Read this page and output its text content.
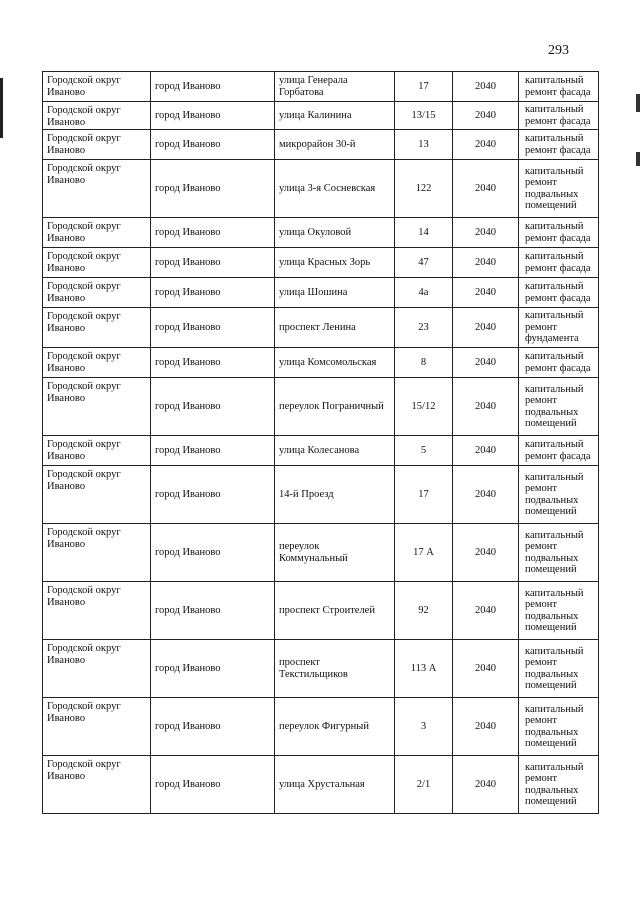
293
Городской округ Иваново	город Иваново	улица Генерала Горбатова	17	2040	капитальный ремонт фасада
Городской округ Иваново	город Иваново	улица Калинина	13/15	2040	капитальный ремонт фасада
Городской округ Иваново	город Иваново	микрорайон 30-й	13	2040	капитальный ремонт фасада
Городской округ Иваново	город Иваново	улица 3-я Сосневская	122	2040	капитальный ремонт подвальных помещений
Городской округ Иваново	город Иваново	улица Окуловой	14	2040	капитальный ремонт фасада
Городской округ Иваново	город Иваново	улица Красных Зорь	47	2040	капитальный ремонт фасада
Городской округ Иваново	город Иваново	улица Шошина	4а	2040	капитальный ремонт фасада
Городской округ Иваново	город Иваново	проспект Ленина	23	2040	капитальный ремонт фундамента
Городской округ Иваново	город Иваново	улица Комсомольская	8	2040	капитальный ремонт фасада
Городской округ Иваново	город Иваново	переулок Пограничный	15/12	2040	капитальный ремонт подвальных помещений
Городской округ Иваново	город Иваново	улица Колесанова	5	2040	капитальный ремонт фасада
Городской округ Иваново	город Иваново	14-й Проезд	17	2040	капитальный ремонт подвальных помещений
Городской округ Иваново	город Иваново	переулок Коммунальный	17 А	2040	капитальный ремонт подвальных помещений
Городской округ Иваново	город Иваново	проспект Строителей	92	2040	капитальный ремонт подвальных помещений
Городской округ Иваново	город Иваново	проспект Текстильщиков	113 А	2040	капитальный ремонт подвальных помещений
Городской округ Иваново	город Иваново	переулок Фигурный	3	2040	капитальный ремонт подвальных помещений
Городской округ Иваново	город Иваново	улица Хрустальная	2/1	2040	капитальный ремонт подвальных помещений
